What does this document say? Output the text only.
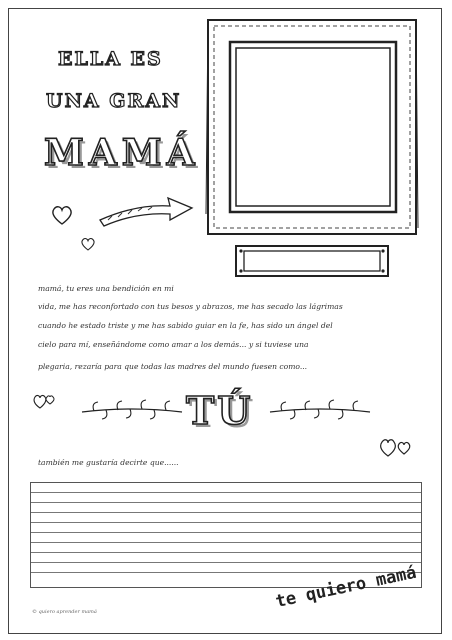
ELLA ES
UNA GRAN
MAMÁ
mamá, tu eres una bendición en mi
vida, me has reconfortado con tus besos y abrazos, me has secado las lágrimas
cuando he estado triste y me has sabido guiar en la fe, has sido un ángel del
cielo para mí, enseñándome como amar a los demás... y si tuviese una
plegaria, rezaría para que todas las madres del mundo fuesen como...
TÚ
también me gustaría decirte que......
© quiero aprender mamá	te quiero mamá
